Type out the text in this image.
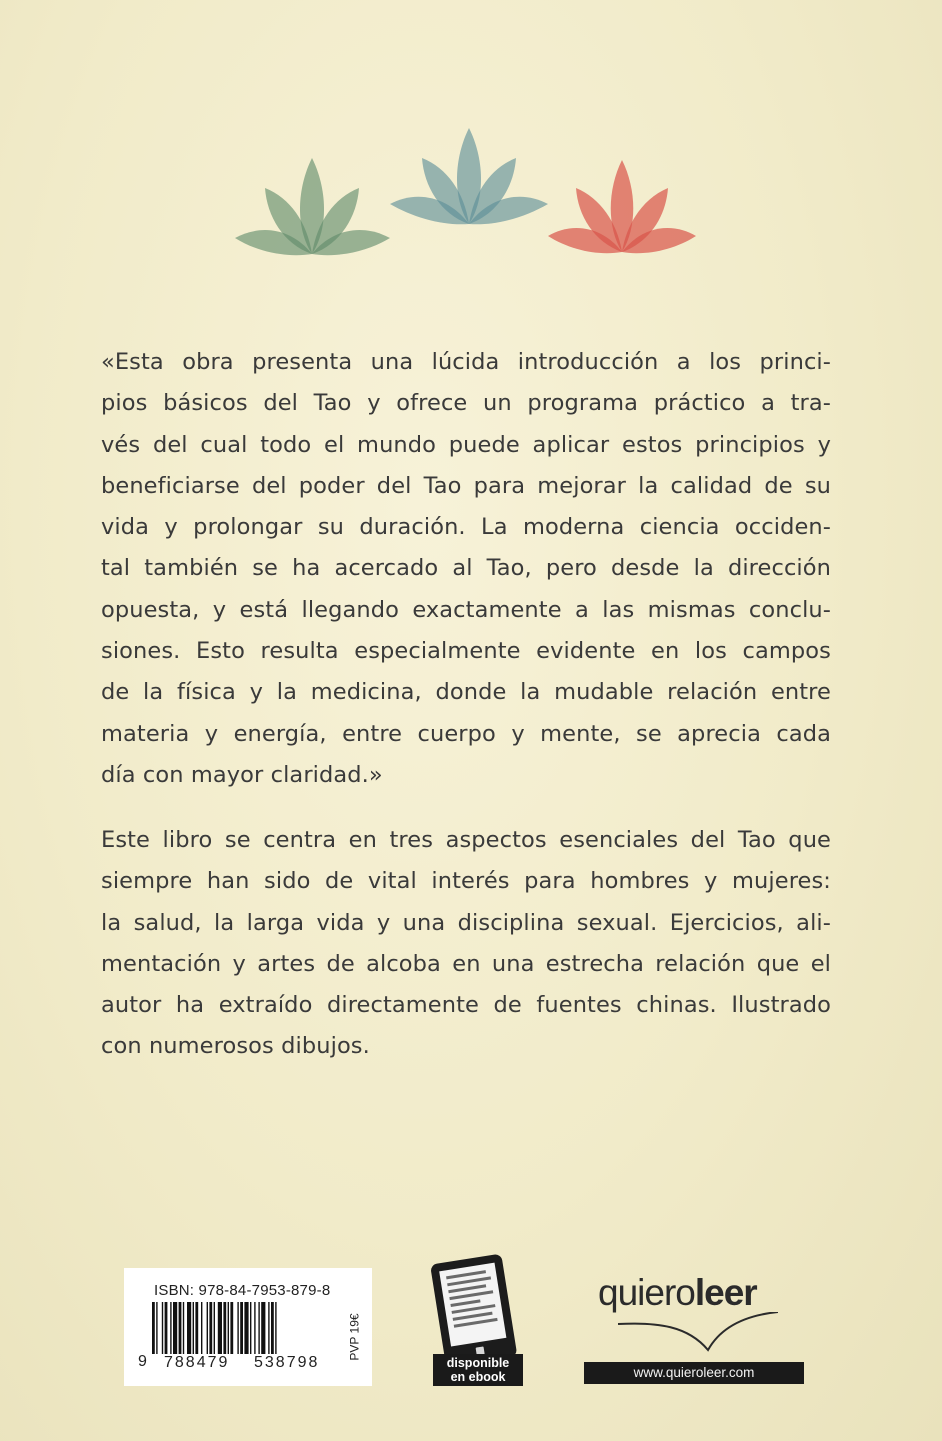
«Esta obra presenta una lúcida introducción a los princi-
pios básicos del Tao y ofrece un programa práctico a tra-
vés del cual todo el mundo puede aplicar estos principios y
beneficiarse del poder del Tao para mejorar la calidad de su
vida y prolongar su duración. La moderna ciencia occiden-
tal también se ha acercado al Tao, pero desde la dirección
opuesta, y está llegando exactamente a las mismas conclu-
siones. Esto resulta especialmente evidente en los campos
de la física y la medicina, donde la mudable relación entre
materia y energía, entre cuerpo y mente, se aprecia cada
día con mayor claridad.»
Este libro se centra en tres aspectos esenciales del Tao que
siempre han sido de vital interés para hombres y mujeres:
la salud, la larga vida y una disciplina sexual. Ejercicios, ali-
mentación y artes de alcoba en una estrecha relación que el
autor ha extraído directamente de fuentes chinas. Ilustrado
con numerosos dibujos.
ISBN: 978-84-7953-879-8
9 788479 538798
PVP 19€
disponible
en ebook
quieroleer
www.quieroleer.com
